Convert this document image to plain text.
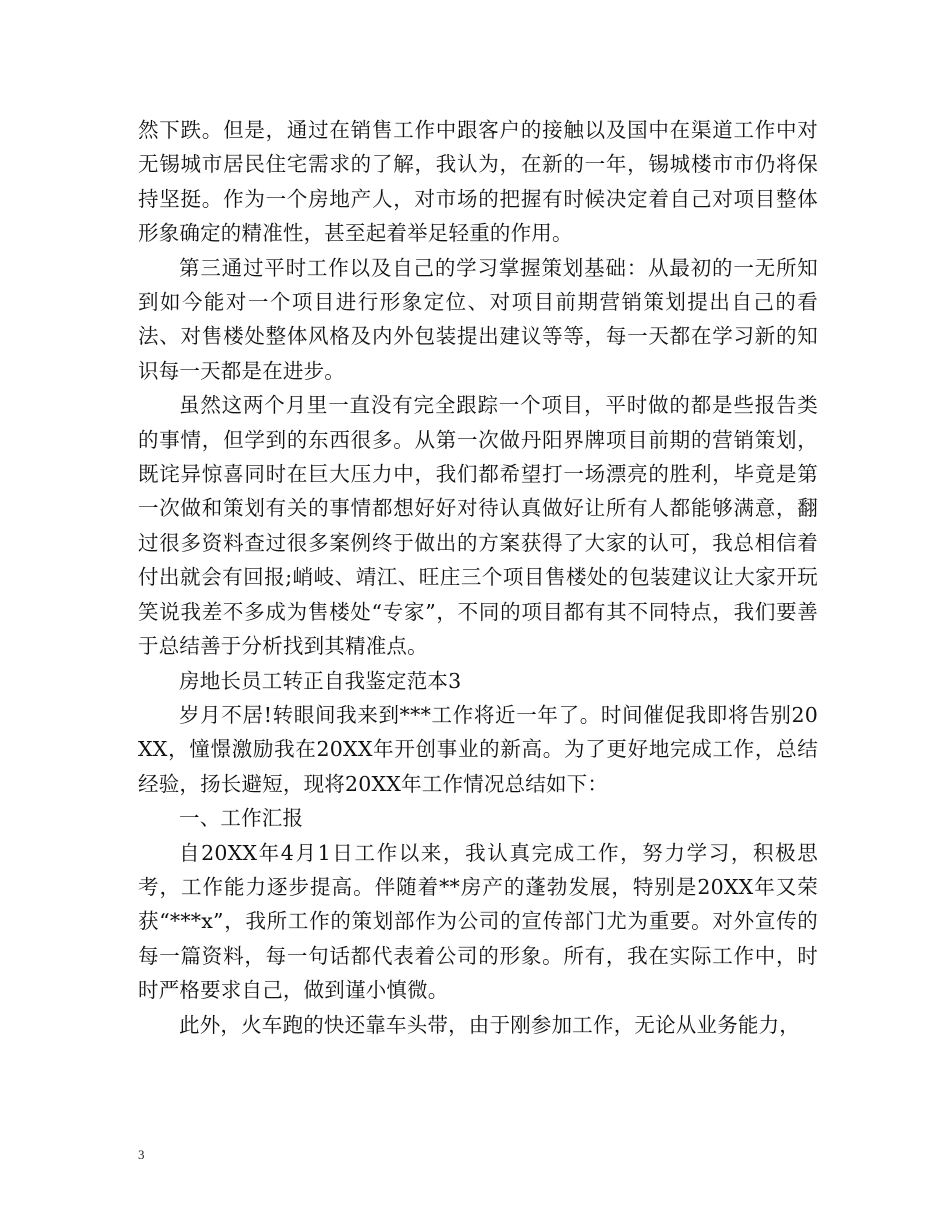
然下跌。但是，通过在销售工作中跟客户的接触以及国中在渠道工作中对无锡城市居民住宅需求的了解，我认为，在新的一年，锡城楼市市仍将保持坚挺。作为一个房地产人，对市场的把握有时候决定着自己对项目整体形象确定的精准性，甚至起着举足轻重的作用。

第三通过平时工作以及自己的学习掌握策划基础：从最初的一无所知到如今能对一个项目进行形象定位、对项目前期营销策划提出自己的看法、对售楼处整体风格及内外包装提出建议等等，每一天都在学习新的知识每一天都是在进步。

虽然这两个月里一直没有完全跟踪一个项目，平时做的都是些报告类的事情，但学到的东西很多。从第一次做丹阳界牌项目前期的营销策划，既诧异惊喜同时在巨大压力中，我们都希望打一场漂亮的胜利，毕竟是第一次做和策划有关的事情都想好好对待认真做好让所有人都能够满意，翻过很多资料查过很多案例终于做出的方案获得了大家的认可，我总相信着付出就会有回报;峭岐、靖江、旺庄三个项目售楼处的包装建议让大家开玩笑说我差不多成为售楼处“专家”，不同的项目都有其不同特点，我们要善于总结善于分析找到其精准点。

房地长员工转正自我鉴定范本3

岁月不居!转眼间我来到***工作将近一年了。时间催促我即将告别20XX，憧憬激励我在20XX年开创事业的新高。为了更好地完成工作，总结经验，扬长避短，现将20XX年工作情况总结如下：

一、工作汇报

自20XX年4月1日工作以来，我认真完成工作，努力学习，积极思考，工作能力逐步提高。伴随着**房产的蓬勃发展，特别是20XX年又荣获“***x”，我所工作的策划部作为公司的宣传部门尤为重要。对外宣传的每一篇资料，每一句话都代表着公司的形象。所有，我在实际工作中，时时严格要求自己，做到谨小慎微。

此外，火车跑的快还靠车头带，由于刚参加工作，无论从业务能力，

3
